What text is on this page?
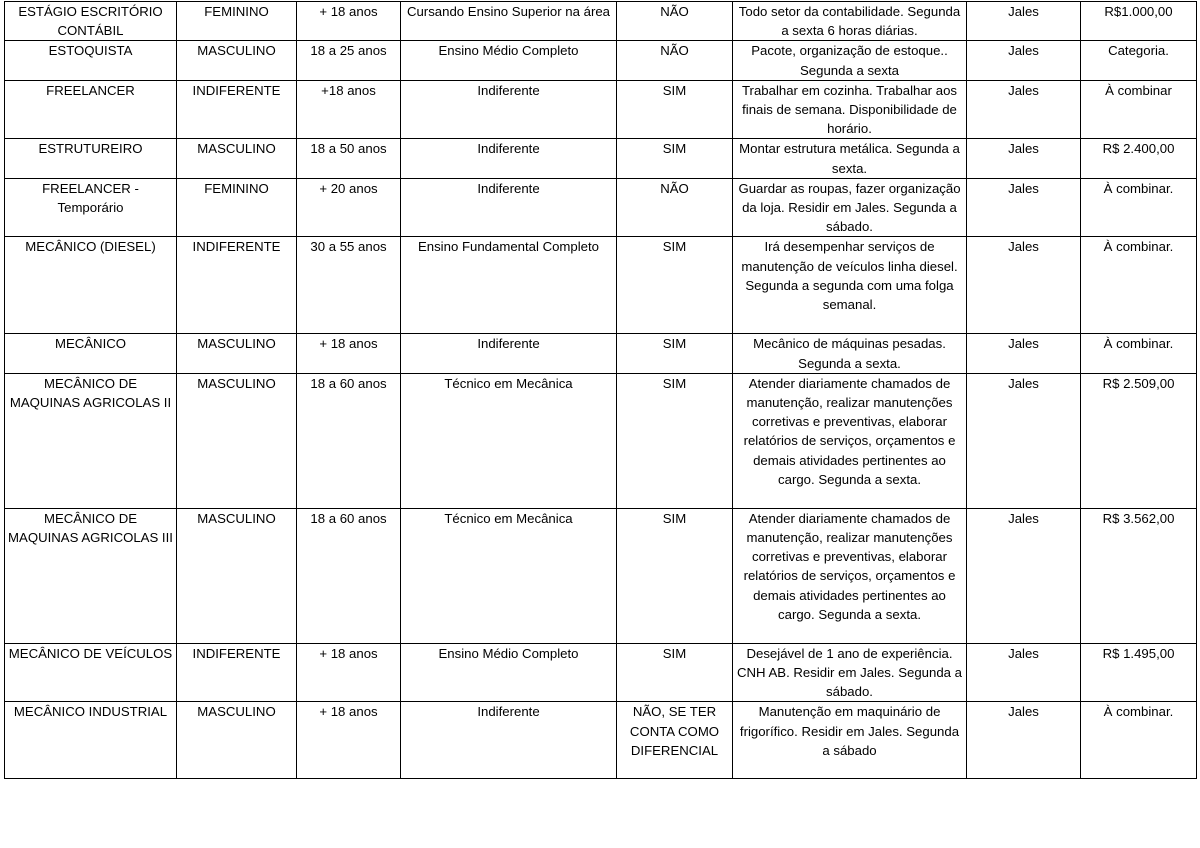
ESTÁGIO ESCRITÓRIO CONTÁBIL	FEMININO	+ 18 anos	Cursando Ensino Superior na área	NÃO	Todo setor da contabilidade. Segunda a sexta 6 horas diárias.	Jales	R$1.000,00
ESTOQUISTA	MASCULINO	18 a 25 anos	Ensino Médio Completo	NÃO	Pacote, organização de estoque.. Segunda a sexta	Jales	Categoria.
FREELANCER	INDIFERENTE	+18 anos	Indiferente	SIM	Trabalhar em cozinha. Trabalhar aos finais de semana. Disponibilidade de horário.	Jales	À combinar
ESTRUTUREIRO	MASCULINO	18 a 50 anos	Indiferente	SIM	Montar estrutura metálica. Segunda a sexta.	Jales	R$ 2.400,00
FREELANCER - Temporário	FEMININO	+ 20 anos	Indiferente	NÃO	Guardar as roupas, fazer organização da loja. Residir em Jales. Segunda a sábado.	Jales	À combinar.
MECÂNICO (DIESEL)	INDIFERENTE	30 a 55 anos	Ensino Fundamental Completo	SIM	Irá desempenhar serviços de manutenção de veículos linha diesel. Segunda a segunda com uma folga semanal.	Jales	À combinar.
MECÂNICO	MASCULINO	+ 18 anos	Indiferente	SIM	Mecânico de máquinas pesadas. Segunda a sexta.	Jales	À combinar.
MECÂNICO DE MAQUINAS AGRICOLAS II	MASCULINO	18 a 60 anos	Técnico em Mecânica	SIM	Atender diariamente chamados de manutenção, realizar manutenções corretivas e preventivas, elaborar relatórios de serviços, orçamentos e demais atividades pertinentes ao cargo. Segunda a sexta.	Jales	R$ 2.509,00
MECÂNICO DE MAQUINAS AGRICOLAS III	MASCULINO	18 a 60 anos	Técnico em Mecânica	SIM	Atender diariamente chamados de manutenção, realizar manutenções corretivas e preventivas, elaborar relatórios de serviços, orçamentos e demais atividades pertinentes ao cargo. Segunda a sexta.	Jales	R$ 3.562,00
MECÂNICO DE VEÍCULOS	INDIFERENTE	+ 18 anos	Ensino Médio Completo	SIM	Desejável de 1 ano de experiência. CNH AB. Residir em Jales. Segunda a sábado.	Jales	R$ 1.495,00
MECÂNICO INDUSTRIAL	MASCULINO	+ 18 anos	Indiferente	NÃO, SE TER CONTA COMO DIFERENCIAL	Manutenção em maquinário de frigorífico. Residir em Jales. Segunda a sábado	Jales	À combinar.
